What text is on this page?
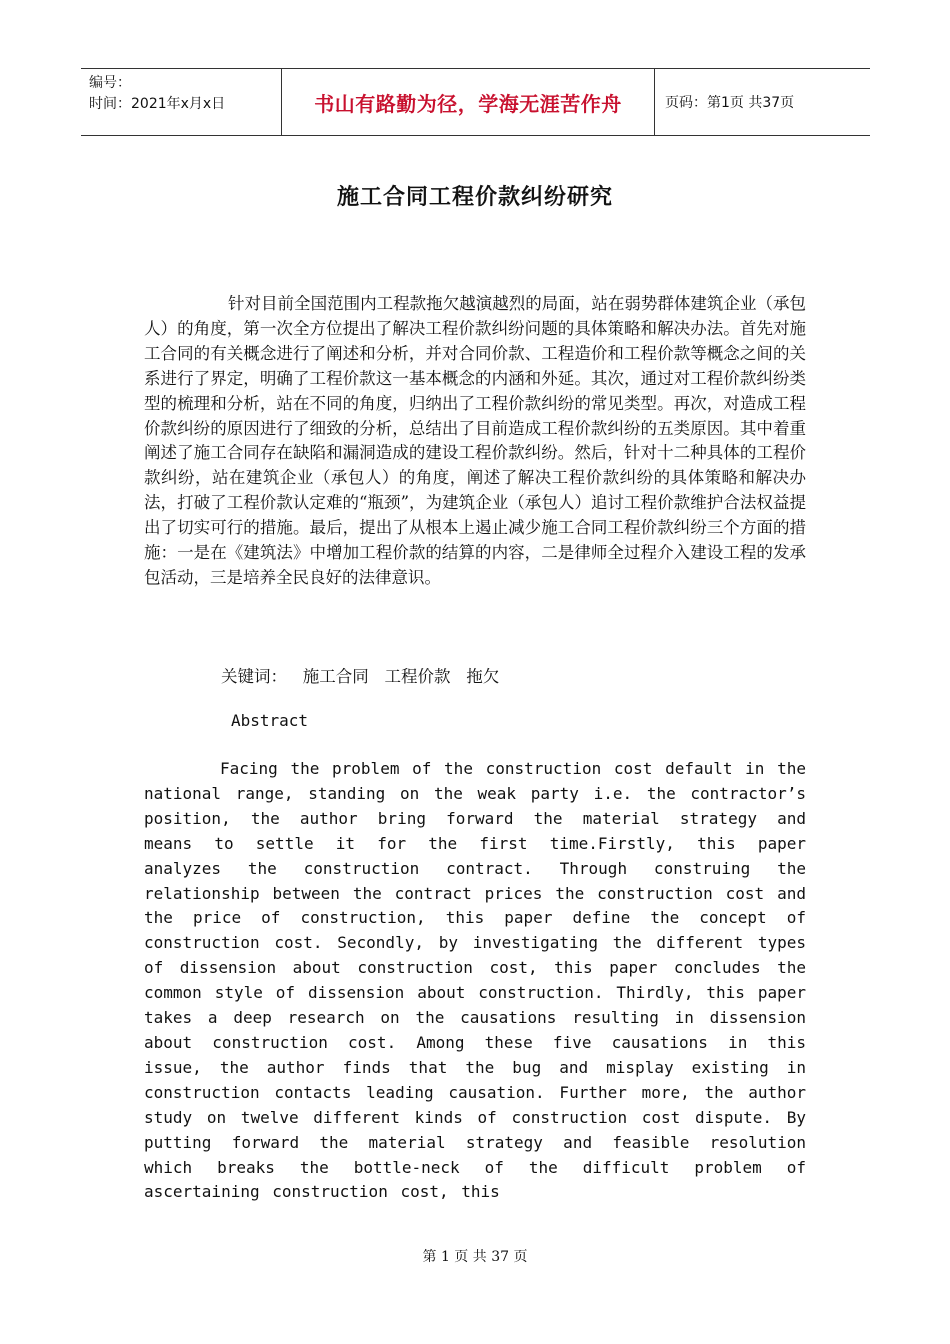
编号：
时间：2021年x月x日	书山有路勤为径，学海无涯苦作舟	页码：第1页 共37页
施工合同工程价款纠纷研究

针对目前全国范围内工程款拖欠越演越烈的局面，站在弱势群体建筑企业（承包人）的角度，第一次全方位提出了解决工程价款纠纷问题的具体策略和解决办法。首先对施工合同的有关概念进行了阐述和分析，并对合同价款、工程造价和工程价款等概念之间的关系进行了界定，明确了工程价款这一基本概念的内涵和外延。其次，通过对工程价款纠纷类型的梳理和分析，站在不同的角度，归纳出了工程价款纠纷的常见类型。再次，对造成工程价款纠纷的原因进行了细致的分析，总结出了目前造成工程价款纠纷的五类原因。其中着重阐述了施工合同存在缺陷和漏洞造成的建设工程价款纠纷。然后，针对十二种具体的工程价款纠纷，站在建筑企业（承包人）的角度，阐述了解决工程价款纠纷的具体策略和解决办法，打破了工程价款认定难的“瓶颈”，为建筑企业（承包人）追讨工程价款维护合法权益提出了切实可行的措施。最后，提出了从根本上遏止减少施工合同工程价款纠纷三个方面的措施：一是在《建筑法》中增加工程价款的结算的内容，二是律师全过程介入建设工程的发承包活动，三是培养全民良好的法律意识。

关键词：   施工合同   工程价款   拖欠

Abstract

Facing the problem of the construction cost default in the national range, standing on the weak party i.e. the contractor’s position, the author bring forward the material strategy and means to settle it for the first time.Firstly, this paper analyzes the construction contract. Through construing the relationship between the contract prices the construction cost and the price of construction, this paper define the concept of construction cost. Secondly, by investigating the different types of dissension about construction cost, this paper concludes the common style of dissension about construction. Thirdly, this paper takes a deep research on the causations resulting in dissension about construction cost. Among these five causations in this issue, the author finds that the bug and misplay existing in construction contacts leading causation. Further more, the author study on twelve different kinds of construction cost dispute. By putting forward the material strategy and feasible resolution which breaks the bottle-neck of the difficult problem of ascertaining construction cost, this

第 1 页 共 37 页
